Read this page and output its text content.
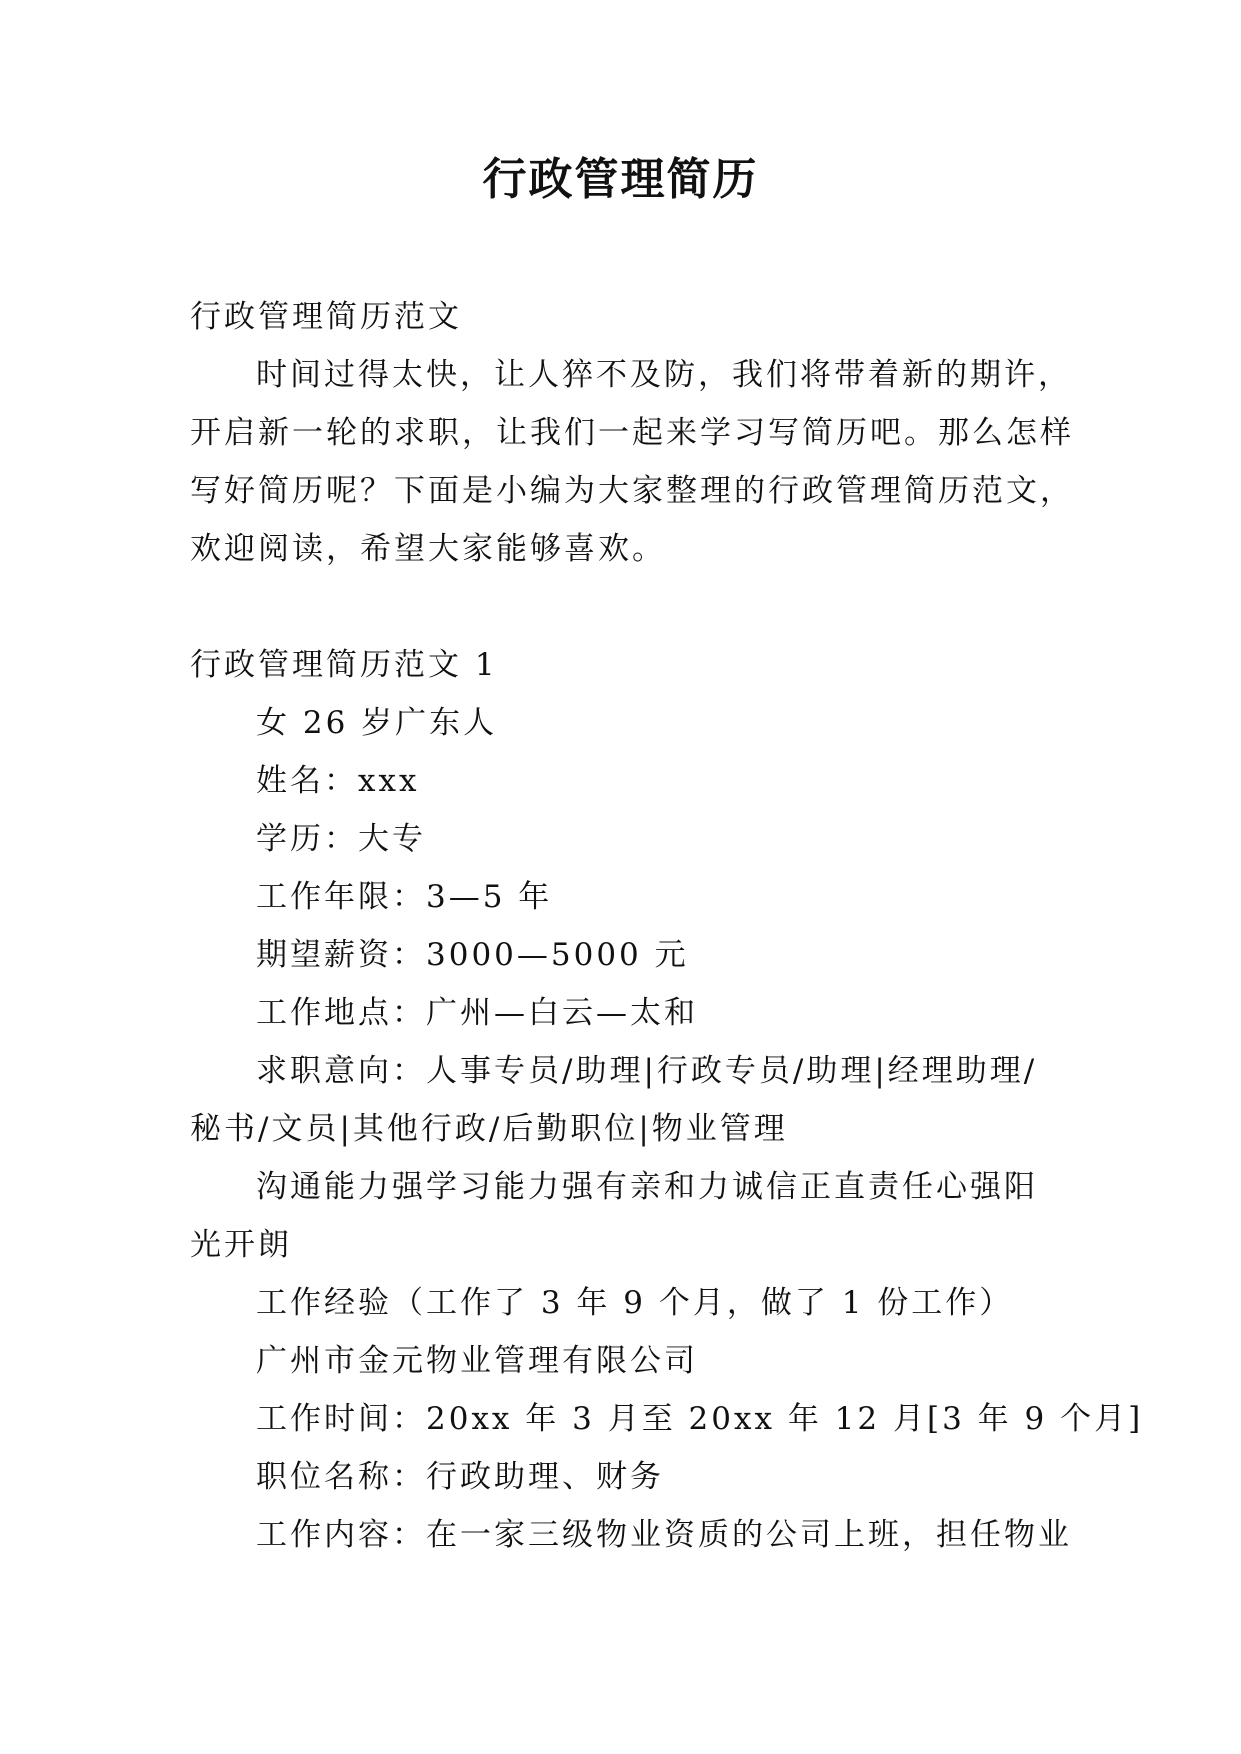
行政管理简历
行政管理简历范文
时间过得太快，让人猝不及防，我们将带着新的期许，
开启新一轮的求职，让我们一起来学习写简历吧。那么怎样
写好简历呢？下面是小编为大家整理的行政管理简历范文，
欢迎阅读，希望大家能够喜欢。
行政管理简历范文 1
女 26 岁广东人
姓名：xxx
学历：大专
工作年限：3—5 年
期望薪资：3000—5000 元
工作地点：广州—白云—太和
求职意向：人事专员/助理|行政专员/助理|经理助理/
秘书/文员|其他行政/后勤职位|物业管理
沟通能力强学习能力强有亲和力诚信正直责任心强阳
光开朗
工作经验（工作了 3 年 9 个月，做了 1 份工作）
广州市金元物业管理有限公司
工作时间：20xx 年 3 月至 20xx 年 12 月[3 年 9 个月]
职位名称：行政助理、财务
工作内容：在一家三级物业资质的公司上班，担任物业
